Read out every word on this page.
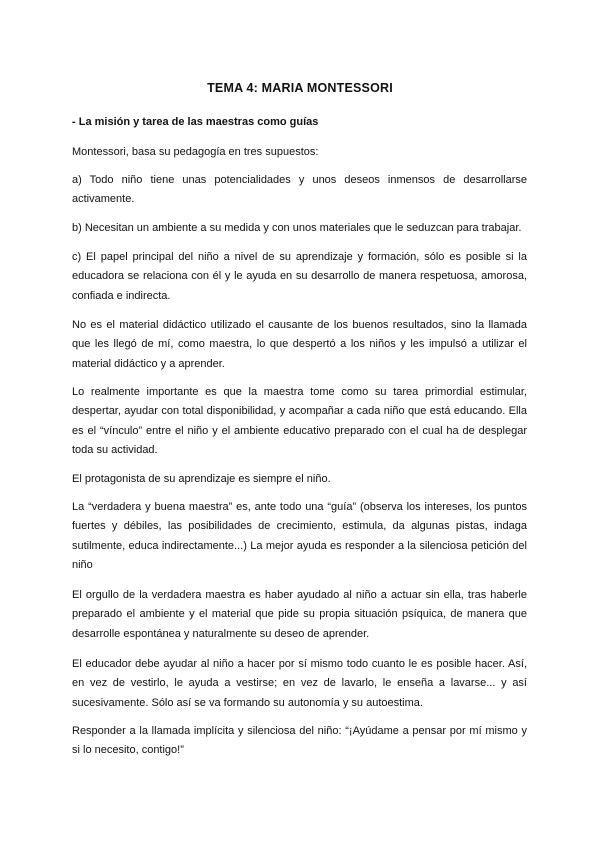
TEMA 4: MARIA MONTESSORI
- La misión y tarea de las maestras como guías
Montessori, basa su pedagogía en tres supuestos:
a) Todo niño tiene unas potencialidades y unos deseos inmensos de desarrollarse activamente.
b) Necesitan un ambiente a su medida y con unos materiales que le seduzcan para trabajar.
c) El papel principal del niño a nivel de su aprendizaje y formación, sólo es posible si la educadora se relaciona con él y le ayuda en su desarrollo de manera respetuosa, amorosa, confiada e indirecta.
No es el material didáctico utilizado el causante de los buenos resultados, sino la llamada que les llegó de mí, como maestra, lo que despertó a los niños y les impulsó a utilizar el material didáctico y a aprender.
Lo realmente importante es que la maestra tome como su tarea primordial estimular, despertar, ayudar con total disponibilidad, y acompañar a cada niño que está educando. Ella es el “vínculo” entre el niño y el ambiente educativo preparado con el cual ha de desplegar toda su actividad.
El protagonista de su aprendizaje es siempre el niño.
La “verdadera y buena maestra” es, ante todo una “guía” (observa los intereses, los puntos fuertes y débiles, las posibilidades de crecimiento, estimula, da algunas pistas, indaga sutilmente, educa indirectamente...) La mejor ayuda es responder a la silenciosa petición del niño
El orgullo de la verdadera maestra es haber ayudado al niño a actuar sin ella, tras haberle preparado el ambiente y el material que pide su propia situación psíquica, de manera que desarrolle espontánea y naturalmente su deseo de aprender.
El educador debe ayudar al niño a hacer por sí mismo todo cuanto le es posible hacer. Así, en vez de vestirlo, le ayuda a vestirse; en vez de lavarlo, le enseña a lavarse... y así sucesivamente. Sólo así se va formando su autonomía y su autoestima.
Responder a la llamada implícita y silenciosa del niño: “¡Ayúdame a pensar por mí mismo y si lo necesito, contigo!”
